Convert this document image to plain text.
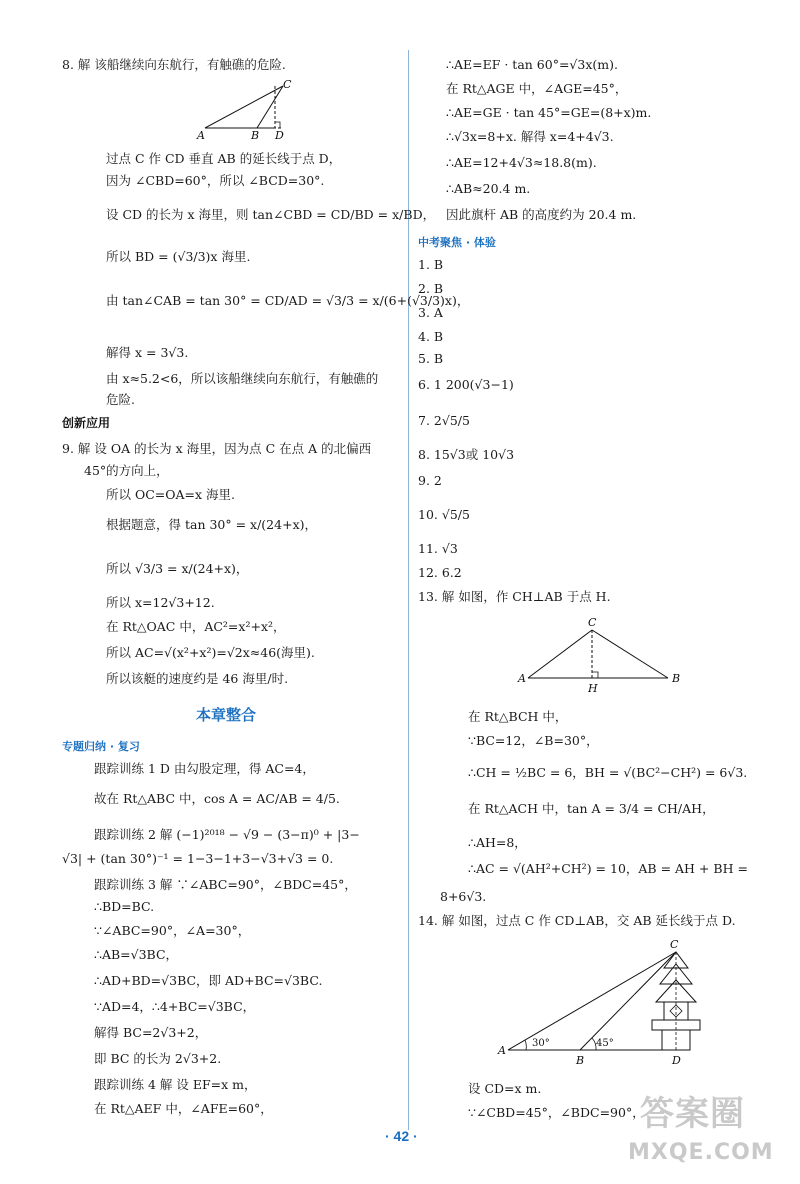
8. 解 该船继续向东航行，有触礁的危险.
A	B
C
D
过点 C 作 CD 垂直 AB 的延长线于点 D，
因为 ∠CBD=60°，所以 ∠BCD=30°.
设 CD 的长为 x 海里，则 tan∠CBD = CD/BD = x/BD，
所以 BD = (√3/3)x 海里.
由 tan∠CAB = tan 30° = CD/AD = √3/3 = x/(6+(√3/3)x)，
解得 x = 3√3.
由 x≈5.2<6，所以该船继续向东航行，有触礁的
危险.
创新应用
9. 解 设 OA 的长为 x 海里，因为点 C 在点 A 的北偏西
45°的方向上，
所以 OC=OA=x 海里.
根据题意，得 tan 30° = x/(24+x)，
所以 √3/3 = x/(24+x)，
所以 x=12√3+12.
在 Rt△OAC 中，AC²=x²+x²，
所以 AC=√(x²+x²)=√2x≈46(海里).
所以该艇的速度约是 46 海里/时.
本章整合
专题归纳 · 复习
跟踪训练 1 D 由勾股定理，得 AC=4，
故在 Rt△ABC 中，cos A = AC/AB = 4/5.
跟踪训练 2 解 (−1)²⁰¹⁸ − √9 − (3−π)⁰ + |3−
√3| + (tan 30°)⁻¹ = 1−3−1+3−√3+√3 = 0.
跟踪训练 3 解 ∵∠ABC=90°，∠BDC=45°，
∴BD=BC.
∵∠ABC=90°，∠A=30°，
∴AB=√3BC，
∴AD+BD=√3BC，即 AD+BC=√3BC.
∵AD=4，∴4+BC=√3BC，
解得 BC=2√3+2，
即 BC 的长为 2√3+2.
跟踪训练 4 解 设 EF=x m，
在 Rt△AEF 中，∠AFE=60°，
∴AE=EF · tan 60°=√3x(m).
在 Rt△AGE 中，∠AGE=45°，
∴AE=GE · tan 45°=GE=(8+x)m.
∴√3x=8+x. 解得 x=4+4√3.
∴AE=12+4√3≈18.8(m).
∴AB≈20.4 m.
因此旗杆 AB 的高度约为 20.4 m.
中考聚焦 · 体验
1. B
2. B
3. A
4. B
5. B
6. 1 200(√3−1)
7. 2√5/5
8. 15√3或 10√3
9. 2
10. √5/5
11. √3
12. 6.2
13. 解 如图，作 CH⊥AB 于点 H.
A	B
C
H
在 Rt△BCH 中，
∵BC=12，∠B=30°，
∴CH = ½BC = 6，BH = √(BC²−CH²) = 6√3.
在 Rt△ACH 中，tan A = 3/4 = CH/AH，
∴AH=8，
∴AC = √(AH²+CH²) = 10，AB = AH + BH =
8+6√3.
14. 解 如图，过点 C 作 CD⊥AB，交 AB 延长线于点 D.
A
B
C
D
30°	45°
设 CD=x m.
∵∠CBD=45°，∠BDC=90°，
· 42 ·
答案圈
MXQE.COM
